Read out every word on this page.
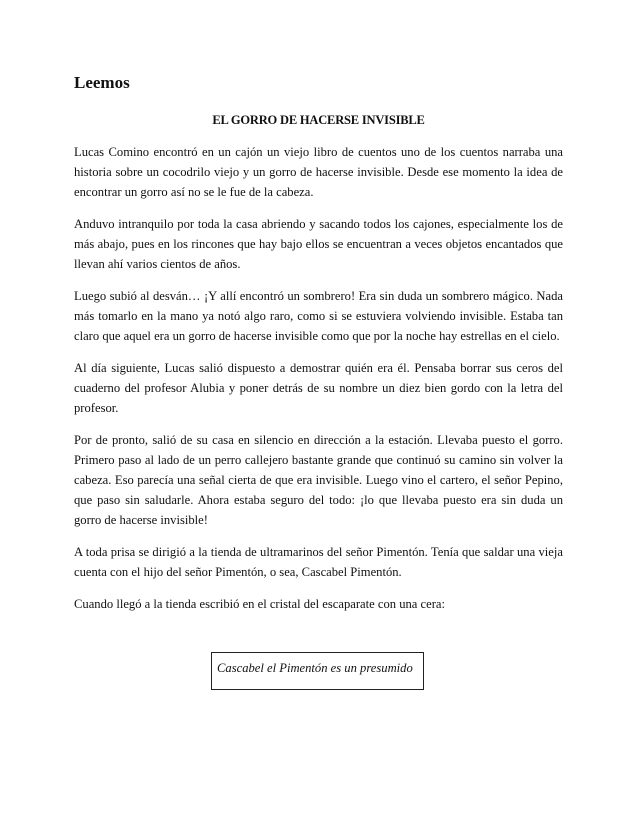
Leemos
EL GORRO DE HACERSE INVISIBLE

Lucas Comino encontró en un cajón un viejo libro de cuentos uno de los cuentos narraba una historia sobre un cocodrilo viejo y un gorro de hacerse invisible. Desde ese momento la idea de encontrar un gorro así no se le fue de la cabeza.

Anduvo intranquilo por toda la casa abriendo y sacando todos los cajones, especialmente los de más abajo, pues en los rincones que hay bajo ellos se encuentran a veces objetos encantados que llevan ahí varios cientos de años.

Luego subió al desván… ¡Y allí encontró un sombrero! Era sin duda un sombrero mágico. Nada más tomarlo en la mano ya notó algo raro, como si se estuviera volviendo invisible. Estaba tan claro que aquel era un gorro de hacerse invisible como que por la noche hay estrellas en el cielo.

Al día siguiente, Lucas salió dispuesto a demostrar quién era él. Pensaba borrar sus ceros del cuaderno del profesor Alubia y poner detrás de su nombre un diez bien gordo con la letra del profesor.

Por de pronto, salió de su casa en silencio en dirección a la estación. Llevaba puesto el gorro. Primero paso al lado de un perro callejero bastante grande que continuó su camino sin volver la cabeza. Eso parecía una señal cierta de que era invisible. Luego vino el cartero, el señor Pepino, que paso sin saludarle. Ahora estaba seguro del todo: ¡lo que llevaba puesto era sin duda un gorro de hacerse invisible!

A toda prisa se dirigió a la tienda de ultramarinos del señor Pimentón. Tenía que saldar una vieja cuenta con el hijo del señor Pimentón, o sea, Cascabel Pimentón.

Cuando llegó a la tienda escribió en el cristal del escaparate con una cera:

Cascabel el Pimentón es un presumido
